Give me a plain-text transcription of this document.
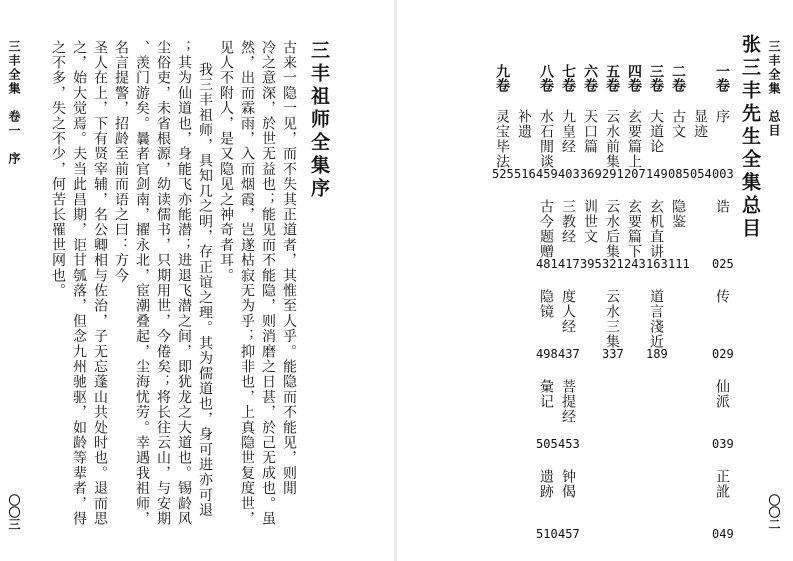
三丰全集　卷一　序
〇〇三
三丰祖师全集序
古来一隐一见，而不失其正道者，其惟至人乎。能隐而不能见，则閒
冷之意深，於世无益也；能见而不能隐，则消磨之日甚，於己无成也。虽
然，出而霖雨，入而烟霞，岂遂枯寂无为乎；抑非也，上真隐世复度世，
见人不附人，是又隐见之神奇者耳。
我三丰祖师，具知几之明，存正谊之理。其为儒道也，身可进亦可退
；其为仙道也，身能飞亦能潜；进退飞潜之间，即犹龙之大道也。锡龄风
尘俗吏，未省根源，幼读儒书，只期用世，今倦矣；将长往云山，与安期
、羡门游矣。曩者官剑南，擢永北，宦潮叠起，尘海忧劳。幸遇我祖师，
名言提警，招龄至前而语之曰：方今
圣人在上，下有贤宰辅，名公卿相与佐治，子无忘蓬山共处时也。退而思
之，始大觉焉。夫当此昌期，讵甘瓠落，但念九州驰驱，如龄等辈者，得
之不多，失之不少，何苦长罹世网也。	三丰全集　总目
〇〇二
张三丰先生全集总目
一卷
序
003
诰
025
传
029
仙派
039
正訛
049
显迹
054
二卷
古文
085
隐鉴
111
三卷
大道论
149
玄机直讲
163
道言淺近
189
四卷
玄要篇上
207
玄要篇下
243
五卷
云水前集
291
云水后集
321
云水三集
337
六卷
天口篇
369
训世文
395
七卷
九皇经
403
三教经
417
度人经
437
菩提经
453
钟偈
457
八卷
水石閒谈
459
古今题赠
481
隐镜
498
彙记
505
遗跡
510
补遗
516
九卷
灵宝毕法
525
